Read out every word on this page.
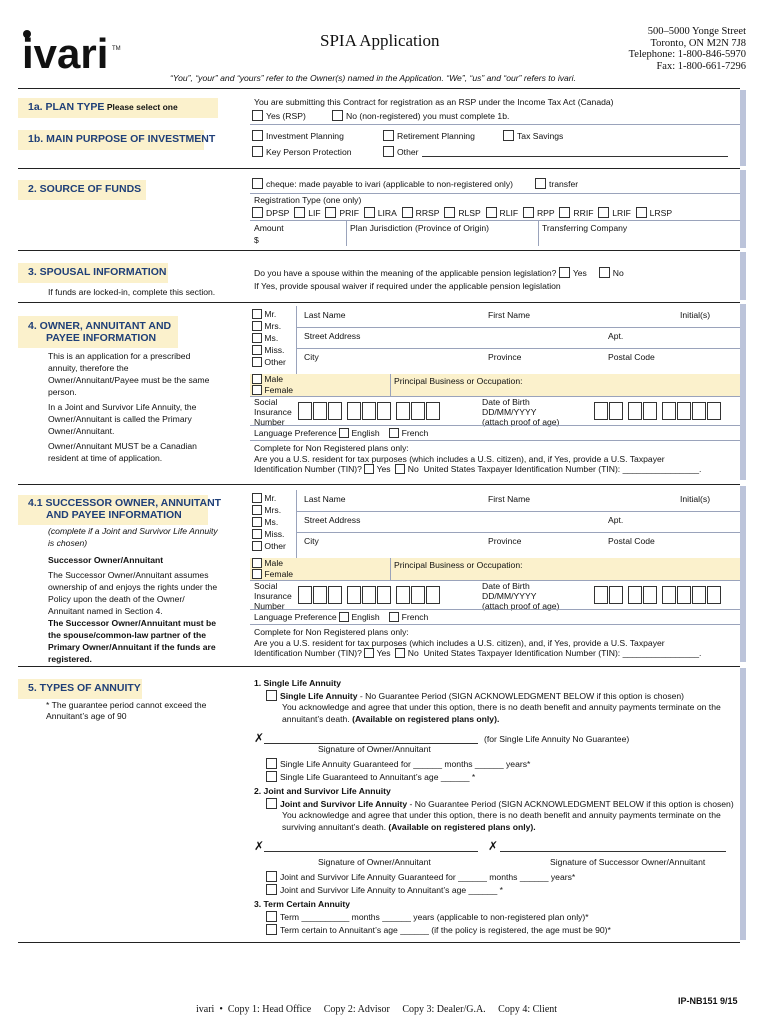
ivari TM	SPIA Application	500–5000 Yonge Street
Toronto, ON M2N 7J8
Telephone: 1-800-846-5970
Fax: 1-800-661-7296
“You”, “your” and “yours” refer to the Owner(s) named in the Application. “We”, “us” and “our” refers to ivari.
1a. PLAN TYPE Please select one	You are submitting this Contract for registration as an RSP under the Income Tax Act (Canada)
Yes (RSP)	No (non-registered) you must complete 1b.
1b. MAIN PURPOSE OF INVESTMENT	Investment Planning	Retirement Planning	Tax Savings
Key Person Protection	Other
2. SOURCE OF FUNDS	cheque: made payable to ivari (applicable to non-registered only)	transfer
Registration Type (one only)
DPSP LIF PRIF LIRA RRSP RLSP RLIF RPP RRIF LRIF LRSP
Amount
$
Plan Jurisdiction (Province of Origin)	Transferring Company
3. SPOUSAL INFORMATION
If funds are locked-in, complete this section.
Do you have a spouse within the meaning of the applicable pension legislation? Yes	No
If Yes, provide spousal waiver if required under the applicable pension legislation
4. OWNER, ANNUITANT AND
PAYEE INFORMATION
This is an application for a prescribed annuity, therefore the Owner/Annuitant/Payee must be the same person.
In a Joint and Survivor Life Annuity, the Owner/Annuitant is called the Primary Owner/Annuitant.
Owner/Annuitant MUST be a Canadian resident at time of application.
Mr.
Mrs.
Ms.
Miss.
Other
Last Name	First Name	Initial(s)
Street Address	Apt.
City	Province	Postal Code
Male
Female
Principal Business or Occupation:
Social
Insurance
Number
Date of Birth
DD/MM/YYYY
(attach proof of age)
Language Preference English	French
Complete for Non Registered plans only:
Are you a U.S. resident for tax purposes (which includes a U.S. citizen), and, if Yes, provide a U.S. Taxpayer
Identification Number (TIN)? Yes No United States Taxpayer Identification Number (TIN): ________________.
4.1 SUCCESSOR OWNER, ANNUITANT
AND PAYEE INFORMATION
(complete if a Joint and Survivor Life Annuity is chosen)
Successor Owner/Annuitant
The Successor Owner/Annuitant assumes ownership of and enjoys the rights under the Policy upon the death of the Owner/ Annuitant named in Section 4.
The Successor Owner/Annuitant must be the spouse/common-law partner of the Primary Owner/Annuitant if the funds are registered.
Mr.
Mrs.
Ms.
Miss.
Other
Last Name	First Name	Initial(s)
Street Address	Apt.
City	Province	Postal Code
Male
Female
Principal Business or Occupation:
Social
Insurance
Number
Date of Birth
DD/MM/YYYY
(attach proof of age)
Language Preference English	French
Complete for Non Registered plans only:
Are you a U.S. resident for tax purposes (which includes a U.S. citizen), and, if Yes, provide a U.S. Taxpayer
Identification Number (TIN)? Yes No United States Taxpayer Identification Number (TIN): ________________.
5. TYPES OF ANNUITY
* The guarantee period cannot exceed the Annuitant’s age of 90
1. Single Life Annuity
Single Life Annuity - No Guarantee Period (SIGN ACKNOWLEDGMENT BELOW if this option is chosen)
You acknowledge and agree that under this option, there is no death benefit and annuity payments terminate on the
annuitant’s death. (Available on registered plans only).
✗	(for Single Life Annuity No Guarantee)
Signature of Owner/Annuitant
Single Life Annuity Guaranteed for ______ months ______ years*
Single Life Guaranteed to Annuitant’s age ______ *
2. Joint and Survivor Life Annuity
Joint and Survivor Life Annuity - No Guarantee Period (SIGN ACKNOWLEDGMENT BELOW if this option is chosen)
You acknowledge and agree that under this option, there is no death benefit and annuity payments terminate on the
surviving annuitant’s death. (Available on registered plans only).
✗	✗
Signature of Owner/Annuitant	Signature of Successor Owner/Annuitant
Joint and Survivor Life Annuity Guaranteed for ______ months ______ years*
Joint and Survivor Life Annuity to Annuitant’s age ______ *
3. Term Certain Annuity
Term __________ months ______ years (applicable to non-registered plan only)*
Term certain to Annuitant’s age ______ (if the policy is registered, the age must be 90)*
ivari  •  Copy 1: Head Office     Copy 2: Advisor     Copy 3: Dealer/G.A.     Copy 4: Client
IP-NB151 9/15
